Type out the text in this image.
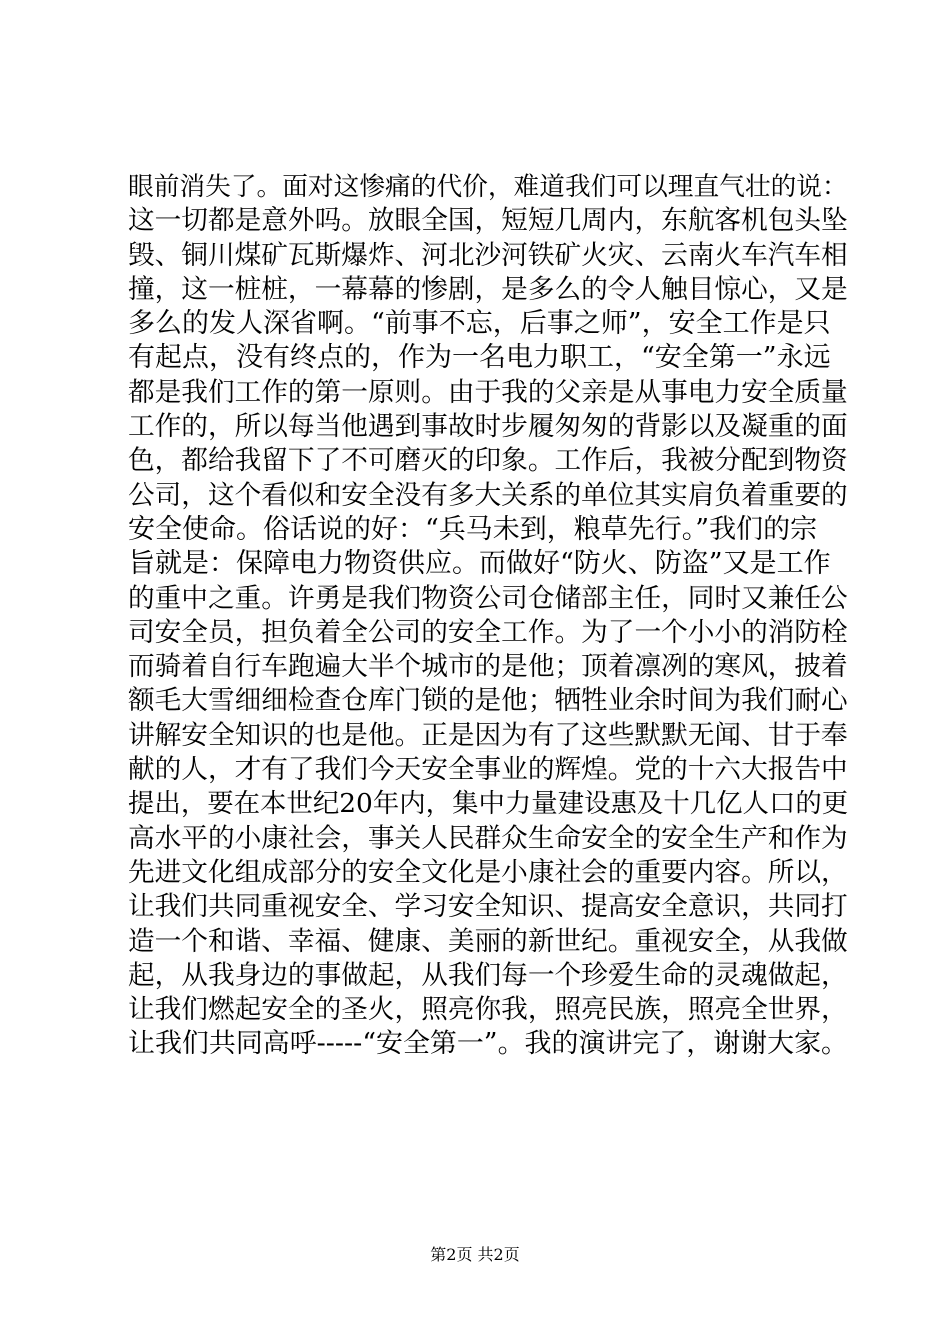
眼前消失了。面对这惨痛的代价，难道我们可以理直气壮的说：
这一切都是意外吗。放眼全国，短短几周内，东航客机包头坠
毁、铜川煤矿瓦斯爆炸、河北沙河铁矿火灾、云南火车汽车相
撞，这一桩桩，一幕幕的惨剧，是多么的令人触目惊心，又是
多么的发人深省啊。“前事不忘，后事之师”，安全工作是只
有起点，没有终点的，作为一名电力职工，“安全第一”永远
都是我们工作的第一原则。由于我的父亲是从事电力安全质量
工作的，所以每当他遇到事故时步履匆匆的背影以及凝重的面
色，都给我留下了不可磨灭的印象。工作后，我被分配到物资
公司，这个看似和安全没有多大关系的单位其实肩负着重要的
安全使命。俗话说的好：“兵马未到，粮草先行。”我们的宗
旨就是：保障电力物资供应。而做好“防火、防盗”又是工作
的重中之重。许勇是我们物资公司仓储部主任，同时又兼任公
司安全员，担负着全公司的安全工作。为了一个小小的消防栓
而骑着自行车跑遍大半个城市的是他；顶着凛冽的寒风，披着
额毛大雪细细检查仓库门锁的是他；牺牲业余时间为我们耐心
讲解安全知识的也是他。正是因为有了这些默默无闻、甘于奉
献的人，才有了我们今天安全事业的辉煌。党的十六大报告中
提出，要在本世纪20年内，集中力量建设惠及十几亿人口的更
高水平的小康社会，事关人民群众生命安全的安全生产和作为
先进文化组成部分的安全文化是小康社会的重要内容。所以，
让我们共同重视安全、学习安全知识、提高安全意识，共同打
造一个和谐、幸福、健康、美丽的新世纪。重视安全，从我做
起，从我身边的事做起，从我们每一个珍爱生命的灵魂做起，
让我们燃起安全的圣火，照亮你我，照亮民族，照亮全世界，
让我们共同高呼-----“安全第一”。我的演讲完了，谢谢大家。
第2页 共2页
